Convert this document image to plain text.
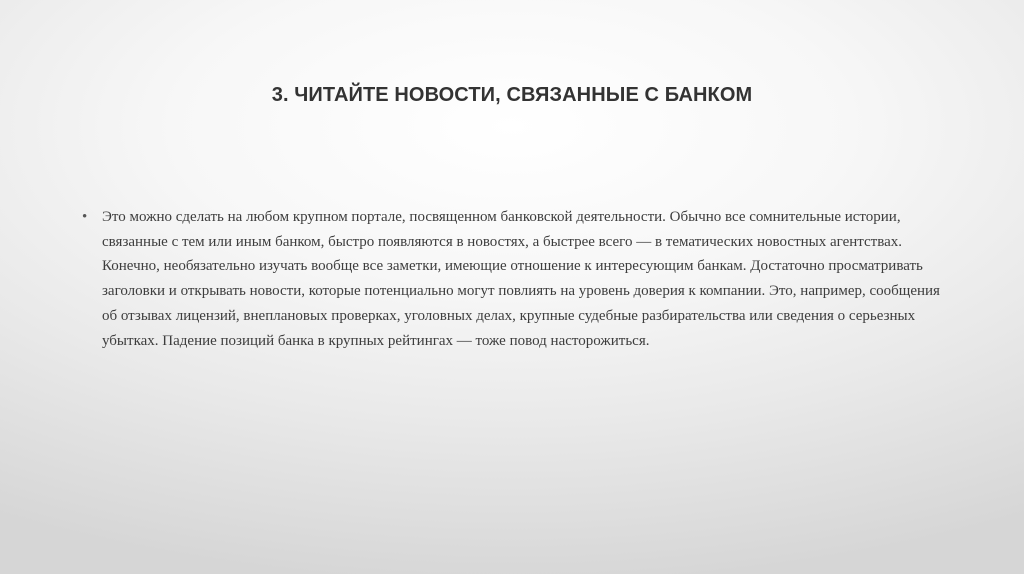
3. ЧИТАЙТЕ НОВОСТИ, СВЯЗАННЫЕ С БАНКОМ
• Это можно сделать на любом крупном портале, посвященном банковской деятельности. Обычно все сомнительные истории, связанные с тем или иным банком, быстро появляются в новостях, а быстрее всего — в тематических новостных агентствах. Конечно, необязательно изучать вообще все заметки, имеющие отношение к интересующим банкам. Достаточно просматривать заголовки и открывать новости, которые потенциально могут повлиять на уровень доверия к компании. Это, например, сообщения об отзывах лицензий, внеплановых проверках, уголовных делах, крупные судебные разбирательства или сведения о серьезных убытках. Падение позиций банка в крупных рейтингах — тоже повод насторожиться.
